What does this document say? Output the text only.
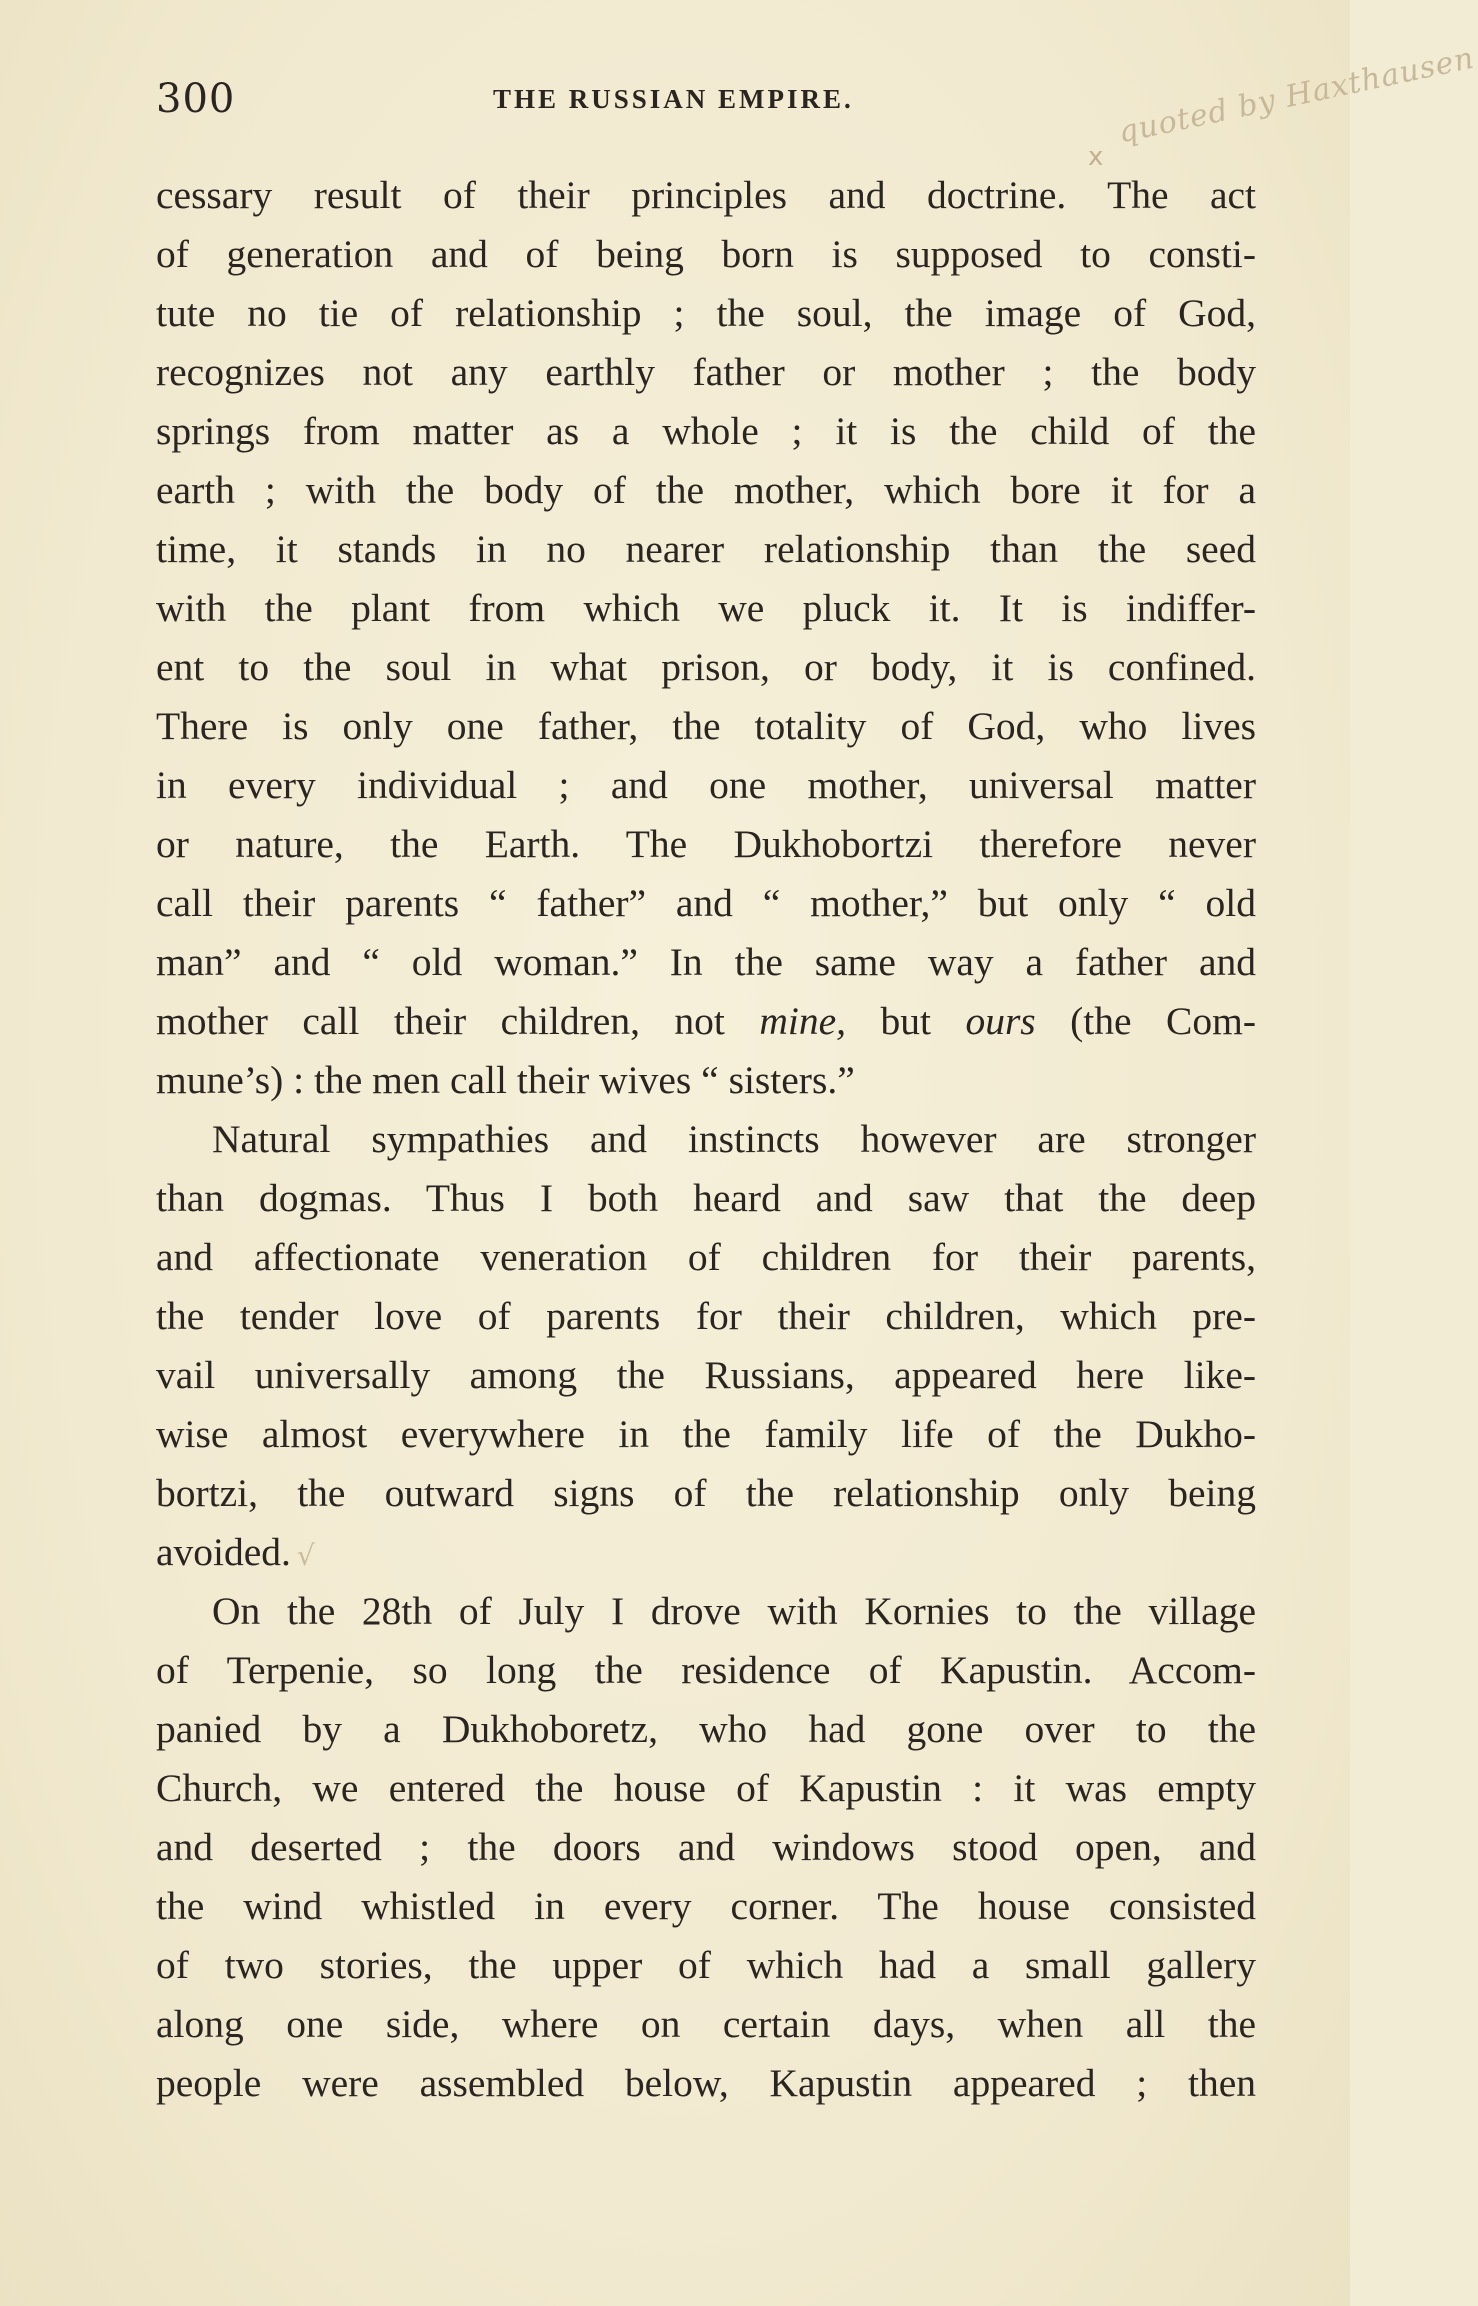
300	THE RUSSIAN EMPIRE.	quoted by Haxthausen
x
cessary result of their principles and doctrine. The act
of generation and of being born is supposed to consti-
tute no tie of relationship ; the soul, the image of God,
recognizes not any earthly father or mother ; the body
springs from matter as a whole ; it is the child of the
earth ; with the body of the mother, which bore it for a
time, it stands in no nearer relationship than the seed
with the plant from which we pluck it. It is indiffer-
ent to the soul in what prison, or body, it is confined.
There is only one father, the totality of God, who lives
in every individual ; and one mother, universal matter
or nature, the Earth. The Dukhobortzi therefore never
call their parents “ father” and “ mother,” but only “ old
man” and “ old woman.” In the same way a father and
mother call their children, not mine, but ours (the Com-
mune’s) : the men call their wives “ sisters.”
Natural sympathies and instincts however are stronger
than dogmas. Thus I both heard and saw that the deep
and affectionate veneration of children for their parents,
the tender love of parents for their children, which pre-
vail universally among the Russians, appeared here like-
wise almost everywhere in the family life of the Dukho-
bortzi, the outward signs of the relationship only being
avoided. √
On the 28th of July I drove with Kornies to the village
of Terpenie, so long the residence of Kapustin. Accom-
panied by a Dukhoboretz, who had gone over to the
Church, we entered the house of Kapustin : it was empty
and deserted ; the doors and windows stood open, and
the wind whistled in every corner. The house consisted
of two stories, the upper of which had a small gallery
along one side, where on certain days, when all the
people were assembled below, Kapustin appeared ; then
